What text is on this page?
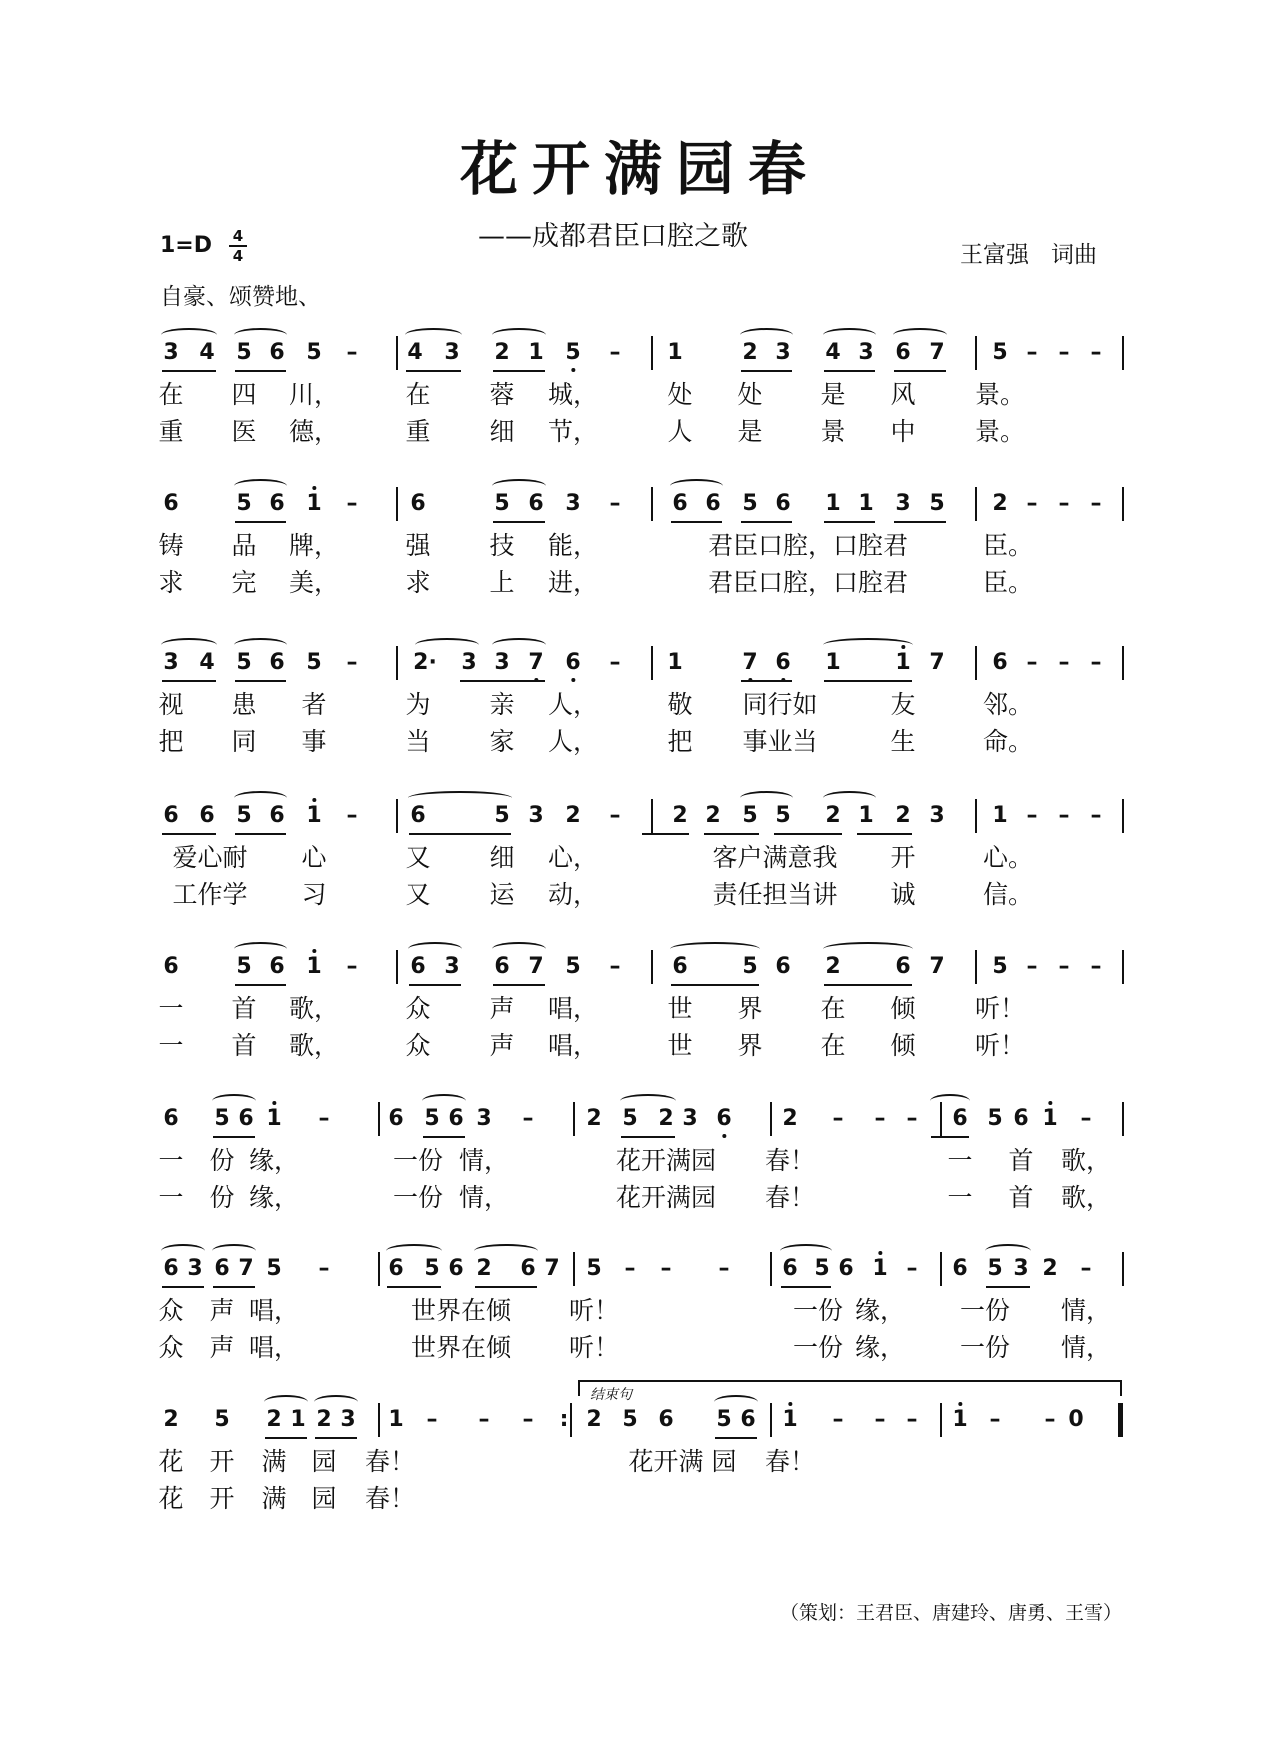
花开满园春
——成都君臣口腔之歌
王富强 词曲
1=D 4
4
自豪、颂赞地、
3 4 5 6 5 – 4 3 2 1 5 – 1	2 3 4 3 6 7 5 – – –
在 四 川，	在 蓉 城，	处 处 是 风 景。
重 医 德，	重 细 节，	人 是 景 中 景。
6	5 6 1 – 6	5 6 3 – 6 6 5 6 1 1 3 5 2 – – –
铸 品 牌，	强 技 能，	君臣口腔，口腔君	臣。
求 完 美，	求 上 进，	君臣口腔，口腔君	臣。
3 4 5 6 5 –	2· 3 3 7 6 – 1	7 6 1 1 7 6 – – –
视 患 者	为 亲 人，	敬 同行如	友	邻。
把 同 事	当 家 人，	把 事业当	生	命。
6 6 5 6 1 – 6	5 3 2 – 2 2 5 5 2 1 2 3 1 – – –
爱心耐 心	又 细 心，	客户满意我 开	心。
工作学 习	又 运 动，	责任担当讲 诚	信。
6	5 6 1 – 6 3 6 7 5 – 6 5 6 2 6 7 5 – – –
一 首 歌，	众 声 唱，	世 界 在 倾 听！
一 首 歌，	众 声 唱，	世 界 在 倾 听！
6 5 6 1 –	6 5 6 3 – 2 5 2 3 6 2 – – – 6 5 6 1 –
一 份 缘，	一份 情，	花开满园 春！	一 首 歌，
一 份 缘，	一份 情，	花开满园 春！	一 首 歌，
6 3 6 7 5 –	6 5 6 2 6 7 5 – – – 6 5 6 1 – 6 5 3 2 –
众 声 唱，	世界在倾 听！	一份 缘， 一份 情，
众 声 唱，	世界在倾 听！	一份 缘， 一份 情，
2 5 2 1 2 3 1 – – – : 2 5 6 5 6 1 – – – 1 – – 0
花 开 满 园 春！	花开满 园 春！
花 开 满 园 春！
结束句
（策划：王君臣、唐建玲、唐勇、王雪）
